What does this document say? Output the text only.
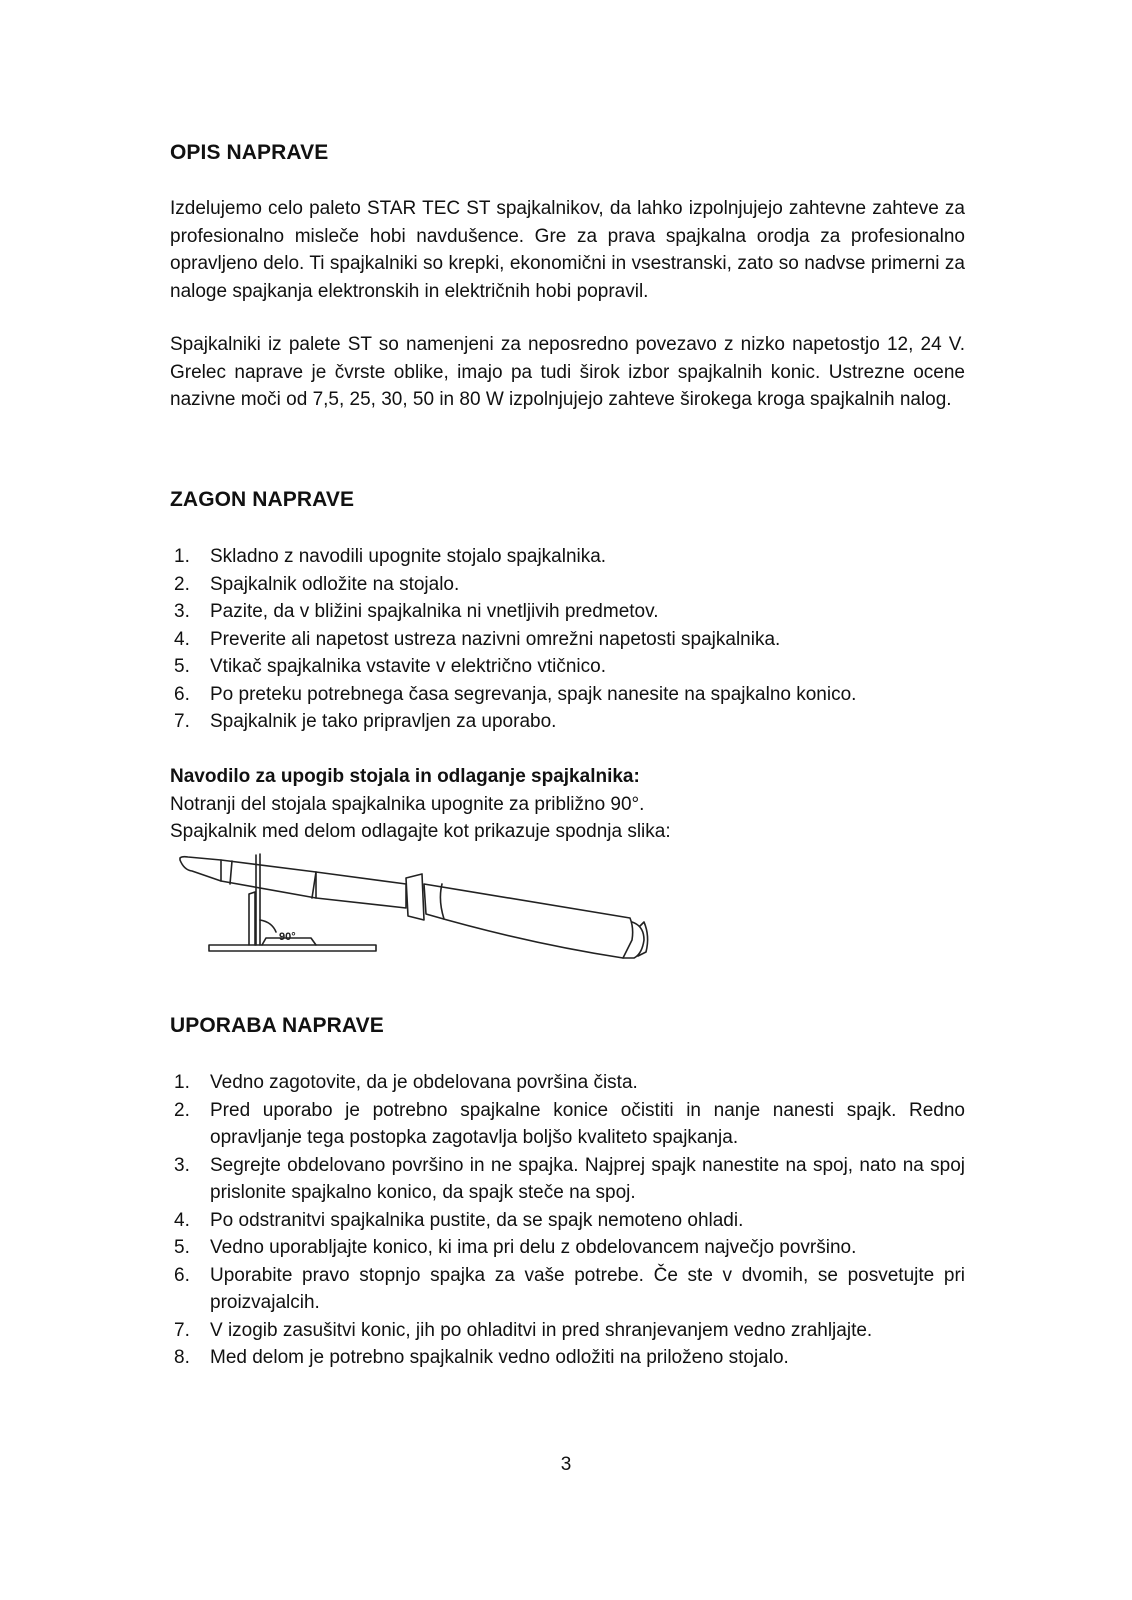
OPIS NAPRAVE

Izdelujemo celo paleto STAR TEC ST spajkalnikov, da lahko izpolnjujejo zahtevne zahteve za profesionalno misleče hobi navdušence. Gre za prava spajkalna orodja za profesionalno opravljeno delo. Ti spajkalniki so krepki, ekonomični in vsestranski, zato so nadvse primerni za naloge spajkanja elektronskih in električnih hobi popravil.

Spajkalniki iz palete ST so namenjeni za neposredno povezavo z nizko napetostjo 12, 24 V. Grelec naprave je čvrste oblike, imajo pa tudi širok izbor spajkalnih konic. Ustrezne ocene nazivne moči od 7,5, 25, 30, 50 in 80 W izpolnjujejo zahteve širokega kroga spajkalnih nalog.

ZAGON NAPRAVE
1. Skladno z navodili upognite stojalo spajkalnika.
2. Spajkalnik odložite na stojalo.
3. Pazite, da v bližini spajkalnika ni vnetljivih predmetov.
4. Preverite ali napetost ustreza nazivni omrežni napetosti spajkalnika.
5. Vtikač spajkalnika vstavite v električno vtičnico.
6. Po preteku potrebnega časa segrevanja, spajk nanesite na spajkalno konico.
7. Spajkalnik je tako pripravljen za uporabo.
Navodilo za upogib stojala in odlaganje spajkalnika:
Notranji del stojala spajkalnika upognite za približno 90°.
Spajkalnik med delom odlagajte kot prikazuje spodnja slika:
UPORABA NAPRAVE
1. Vedno zagotovite, da je obdelovana površina čista.
2. Pred uporabo je potrebno spajkalne konice očistiti in nanje nanesti spajk. Redno opravljanje tega postopka zagotavlja boljšo kvaliteto spajkanja.
3. Segrejte obdelovano površino in ne spajka. Najprej spajk nanestite na spoj, nato na spoj prislonite spajkalno konico, da spajk steče na spoj.
4. Po odstranitvi spajkalnika pustite, da se spajk nemoteno ohladi.
5. Vedno uporabljajte konico, ki ima pri delu z obdelovancem največjo površino.
6. Uporabite pravo stopnjo spajka za vaše potrebe. Če ste v dvomih, se posvetujte pri proizvajalcih.
7. V izogib zasušitvi konic, jih po ohladitvi in pred shranjevanjem vedno zrahljajte.
8. Med delom je potrebno spajkalnik vedno odložiti na priloženo stojalo.
90°
3
